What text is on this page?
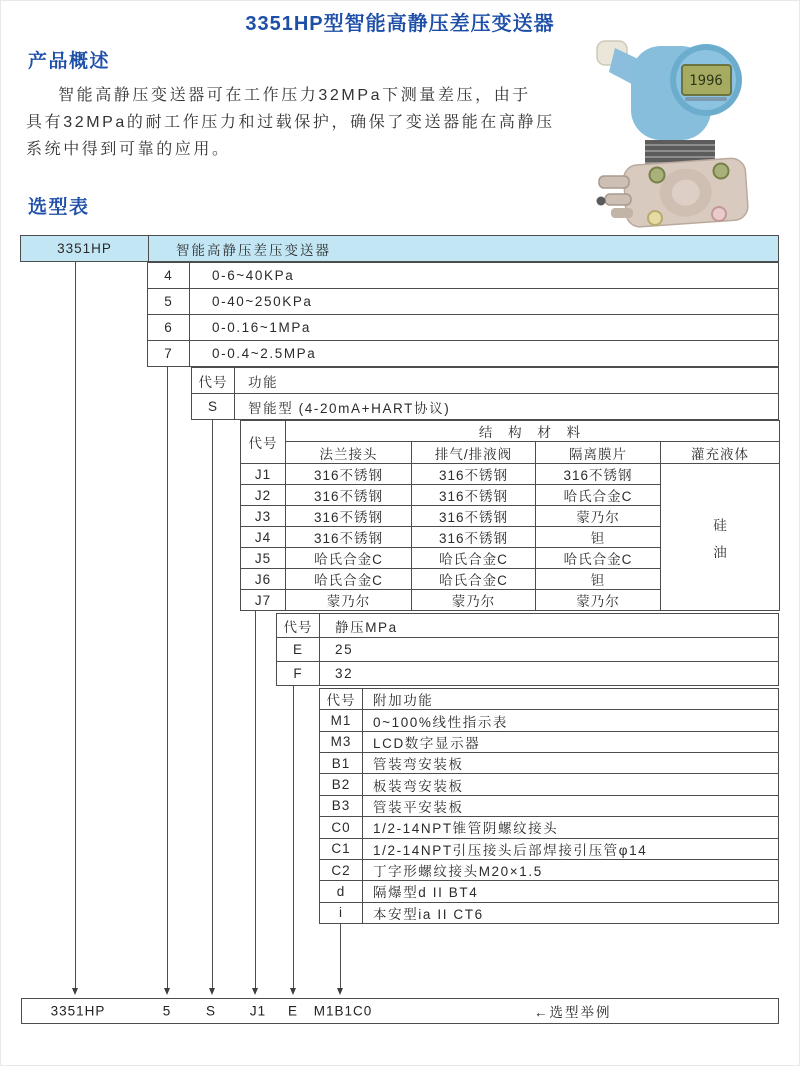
3351HP型智能高静压差压变送器
产品概述
智能高静压变送器可在工作压力32MPa下测量差压，由于
具有32MPa的耐工作压力和过载保护，确保了变送器能在高静压
系统中得到可靠的应用。
1996
选型表
3351HP	智能高静压差压变送器
4	0-6~40KPa
5	0-40~250KPa
6	0-0.16~1MPa
7	0-0.4~2.5MPa
代号	功能
S	智能型 (4-20mA+HART协议)
代号	结 构 材 料			
	法兰接头	排气/排液阀	隔离膜片	灌充液体
J1	316不锈钢	316不锈钢	316不锈钢	硅
油

J2	316不锈钢	316不锈钢	哈氏合金C	
J3	316不锈钢	316不锈钢	蒙乃尔	
J4	316不锈钢	316不锈钢	钽	
J5	哈氏合金C	哈氏合金C	哈氏合金C	
J6	哈氏合金C	哈氏合金C	钽	
J7	蒙乃尔	蒙乃尔	蒙乃尔	
代号	静压MPa
E	25
F	32
代号	附加功能
M1	0~100%线性指示表
M3	LCD数字显示器
B1	管装弯安装板
B2	板装弯安装板
B3	管装平安装板
C0	1/2-14NPT锥管阴螺纹接头
C1	1/2-14NPT引压接头后部焊接引压管φ14
C2	丁字形螺纹接头M20×1.5
d	隔爆型d II BT4
i	本安型ia II CT6
3351HP	5	S	J1 E M1B1C0	←选型举例
